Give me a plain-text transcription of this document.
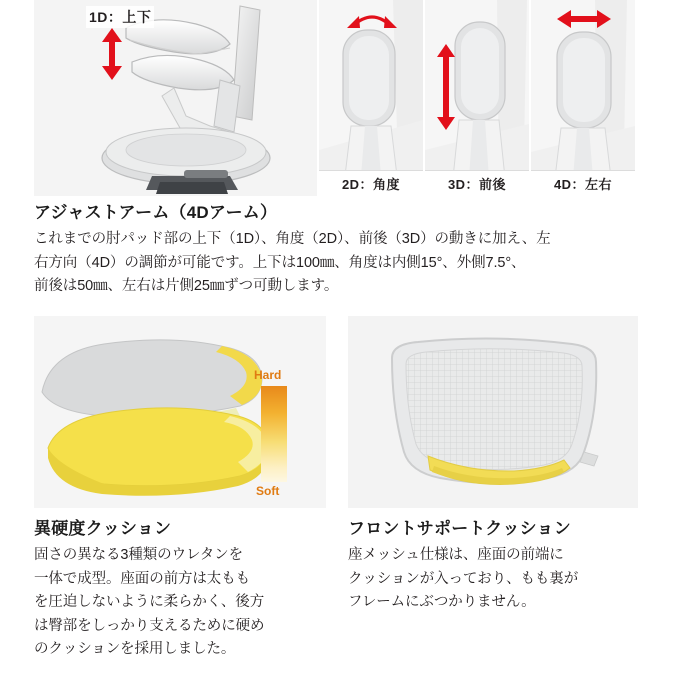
1D：上下
2D：角度	3D：前後	4D：左右
アジャストアーム（4Dアーム）

これまでの肘パッド部の上下（1D）、角度（2D）、前後（3D）の動きに加え、左

右方向（4D）の調節が可能です。上下は100㎜、角度は内側15°、外側7.5°、

前後は50㎜、左右は片側25㎜ずつ可動します。

Hard
Soft
異硬度クッション

固さの異なる3種類のウレタンを

一体で成型。座面の前方は太もも

を圧迫しないように柔らかく、後方

は臀部をしっかり支えるために硬め

のクッションを採用しました。

フロントサポートクッション

座メッシュ仕様は、座面の前端に

クッションが入っており、もも裏が

フレームにぶつかりません。
